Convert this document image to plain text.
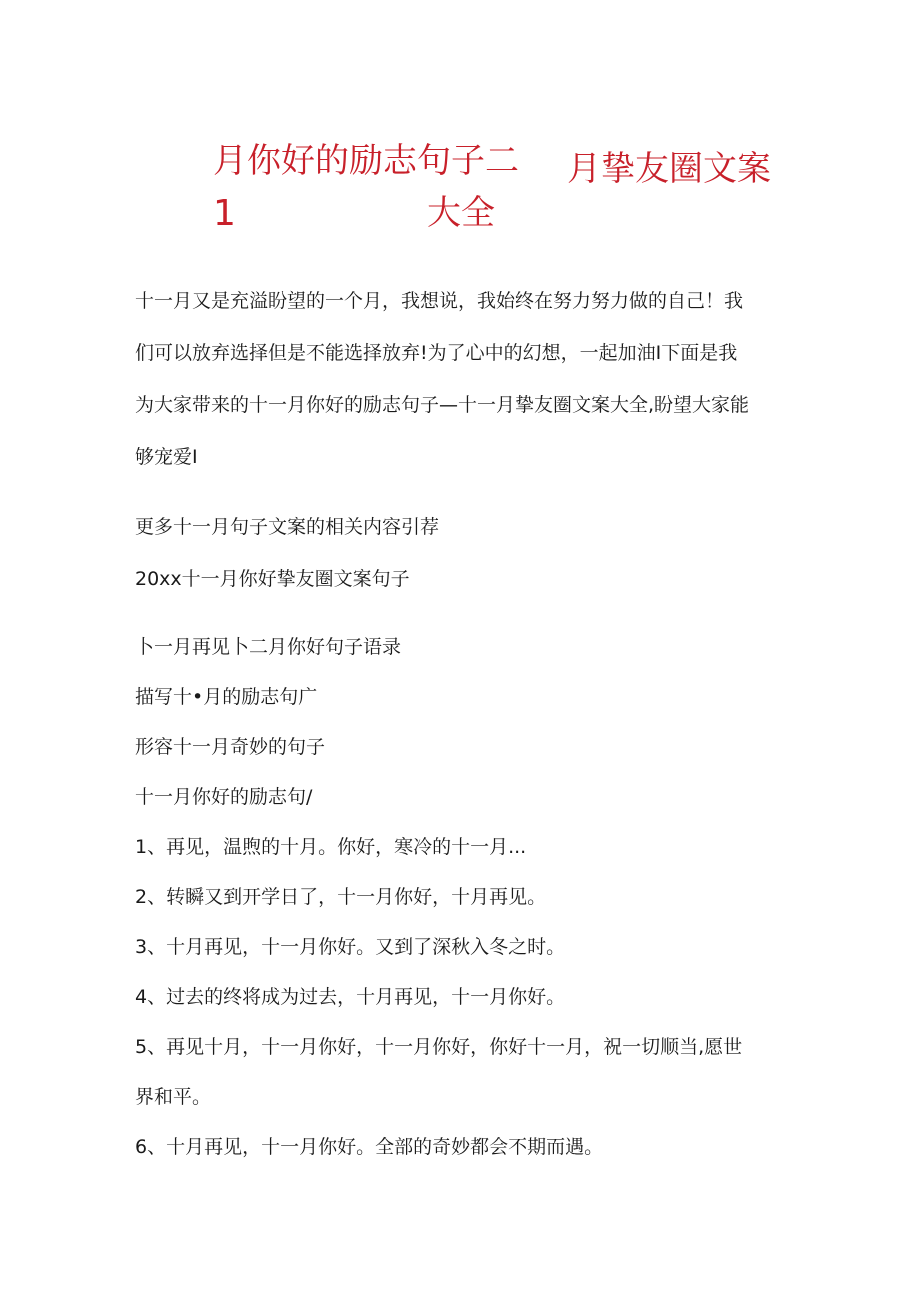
月你好的励志句子二
1	大全
月挚友圈文案
十一月又是充溢盼望的一个月，我想说，我始终在努力努力做的自己！我
们可以放弃选择但是不能选择放弃!为了心中的幻想，一起加油I下面是我
为大家带来的十一月你好的励志句子—十一月挚友圈文案大全,盼望大家能
够宠爱I
更多十一月句子文案的相关内容引荐
20xx十一月你好挚友圈文案句子
卜一月再见卜二月你好句子语录
描写十•月的励志句广
形容十一月奇妙的句子
十一月你好的励志句/
1、再见，温煦的十月。你好，寒冷的十一月...
2、转瞬又到开学日了，十一月你好，十月再见。
3、十月再见，十一月你好。又到了深秋入冬之时。
4、过去的终将成为过去，十月再见，十一月你好。
5、再见十月，十一月你好，十一月你好，你好十一月，祝一切顺当,愿世
界和平。
6、十月再见，十一月你好。全部的奇妙都会不期而遇。
